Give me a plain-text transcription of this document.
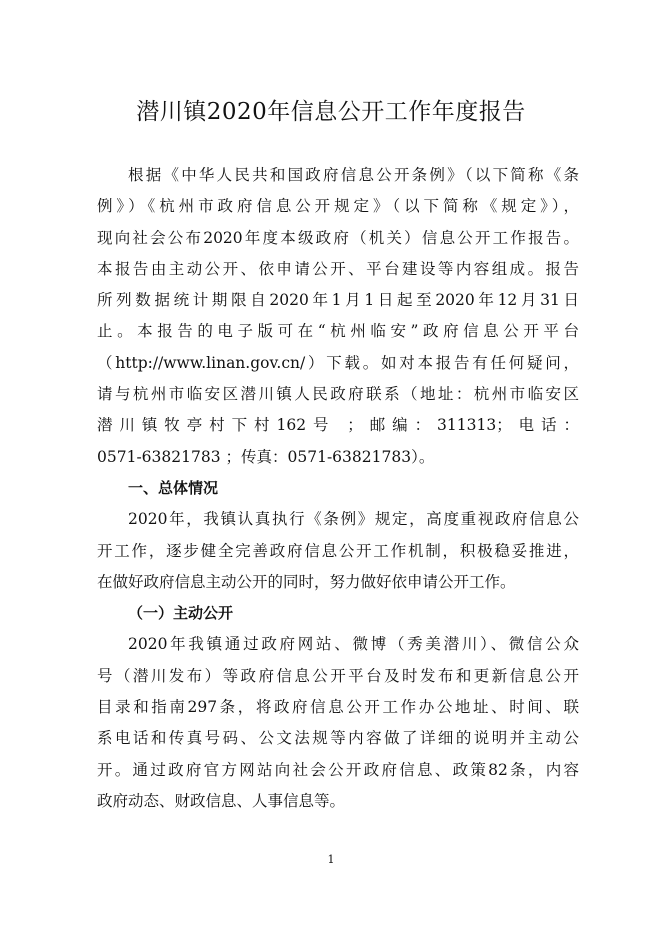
潜川镇2020年信息公开工作年度报告
根据《中华人民共和国政府信息公开条例》（以下简称《条
例》）《杭州市政府信息公开规定》（以下简称《规定》），
现向社会公布2020年度本级政府（机关）信息公开工作报告。
本报告由主动公开、依申请公开、平台建设等内容组成。报告
所列数据统计期限自2020年1月1日起至2020年12月31日
止。本报告的电子版可在“杭州临安”政府信息公开平台
（http://www.linan.gov.cn/）下载。如对本报告有任何疑问，
请与杭州市临安区潜川镇人民政府联系（地址：杭州市临安区
潜川镇牧亭村下村162号 ；邮编：311313；电话：
0571-63821783 ；传真：0571-63821783）。
一、总体情况
2020年，我镇认真执行《条例》规定，高度重视政府信息公
开工作，逐步健全完善政府信息公开工作机制，积极稳妥推进，
在做好政府信息主动公开的同时，努力做好依申请公开工作。
（一）主动公开
2020年我镇通过政府网站、微博（秀美潜川）、微信公众
号（潜川发布）等政府信息公开平台及时发布和更新信息公开
目录和指南297条，将政府信息公开工作办公地址、时间、联
系电话和传真号码、公文法规等内容做了详细的说明并主动公
开。通过政府官方网站向社会公开政府信息、政策82条，内容
政府动态、财政信息、人事信息等。
1
